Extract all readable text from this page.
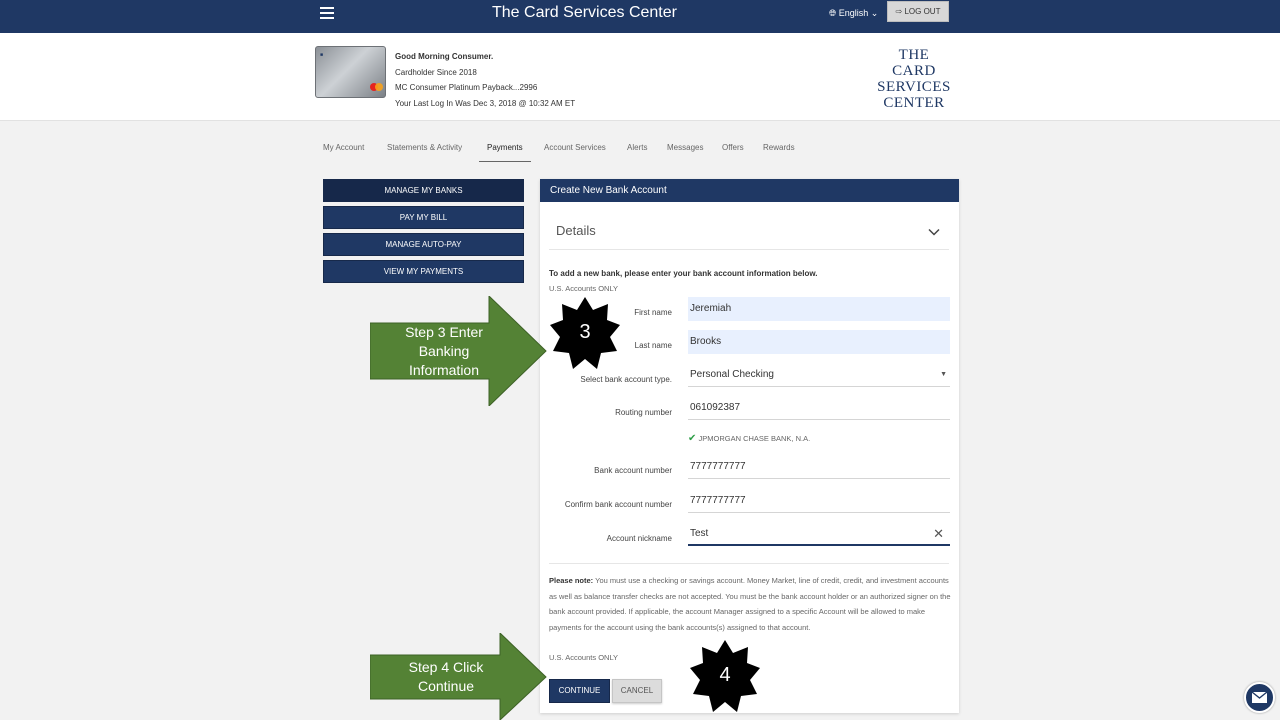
The Card Services Center	🌐︎ English ⌄	⇨ LOG OUT
■	Good Morning Consumer.
Cardholder Since 2018
MC Consumer Platinum Payback...2996
Your Last Log In Was Dec 3, 2018 @ 10:32 AM ET
THE
CARD SERVICES
CENTER
My Account	Statements & Activity	Payments	Account Services	Alerts Messages Offers Rewards
MANAGE MY BANKS
PAY MY BILL
MANAGE AUTO-PAY
VIEW MY PAYMENTS
Create New Bank Account
Details
To add a new bank, please enter your bank account information below.
U.S. Accounts ONLY
First name Jeremiah
Last name Brooks
Select bank account type. Personal Checking	▼
Routing number 061092387
✔ JPMORGAN CHASE BANK, N.A.
Bank account number 7777777777
Confirm bank account number 7777777777
Account nickname Test	✕
Please note: You must use a checking or savings account. Money Market, line of credit, credit, and investment accounts as well as balance transfer checks are not accepted. You must be the bank account holder or an authorized signer on the bank account provided. If applicable, the account Manager assigned to a specific Account will be allowed to make payments for the account using the bank accounts(s) assigned to that account.
U.S. Accounts ONLY
CONTINUE	CANCEL
Step 3 Enter
Banking
Information
3
Step 4 Click
Continue	4
